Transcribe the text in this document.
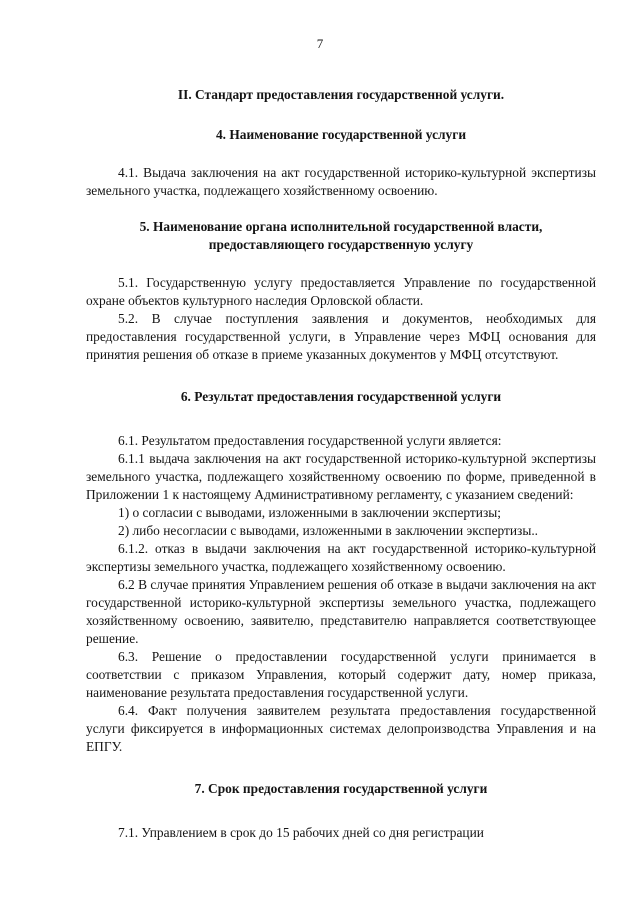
7
II. Стандарт предоставления государственной услуги.
4. Наименование государственной услуги

4.1. Выдача заключения на акт государственной историко-культурной экспертизы земельного участка, подлежащего хозяйственному освоению.

5. Наименование органа исполнительной государственной власти,
предоставляющего государственную услугу

5.1. Государственную услугу предоставляется Управление по государственной охране объектов культурного наследия Орловской области.

5.2. В случае поступления заявления и документов, необходимых для предоставления государственной услуги, в Управление через МФЦ основания для принятия решения об отказе в приеме указанных документов у МФЦ отсутствуют.

6. Результат предоставления государственной услуги

6.1. Результатом предоставления государственной услуги является:

6.1.1 выдача заключения на акт государственной историко-культурной экспертизы земельного участка, подлежащего хозяйственному освоению по форме, приведенной в Приложении 1 к настоящему Административному регламенту, с указанием сведений:

1) о согласии с выводами, изложенными в заключении экспертизы;

2) либо несогласии с выводами, изложенными в заключении экспертизы..

6.1.2. отказ в выдачи заключения на акт государственной историко-культурной экспертизы земельного участка, подлежащего хозяйственному освоению.

6.2 В случае принятия Управлением решения об отказе в выдачи заключения на акт государственной историко-культурной экспертизы земельного участка, подлежащего хозяйственному освоению, заявителю, представителю направляется соответствующее решение.

6.3. Решение о предоставлении государственной услуги принимается в соответствии с приказом Управления, который содержит дату, номер приказа, наименование результата предоставления государственной услуги.

6.4. Факт получения заявителем результата предоставления государственной услуги фиксируется в информационных системах делопроизводства Управления и на ЕПГУ.

7. Срок предоставления государственной услуги

7.1. Управлением в срок до 15 рабочих дней со дня регистрации
